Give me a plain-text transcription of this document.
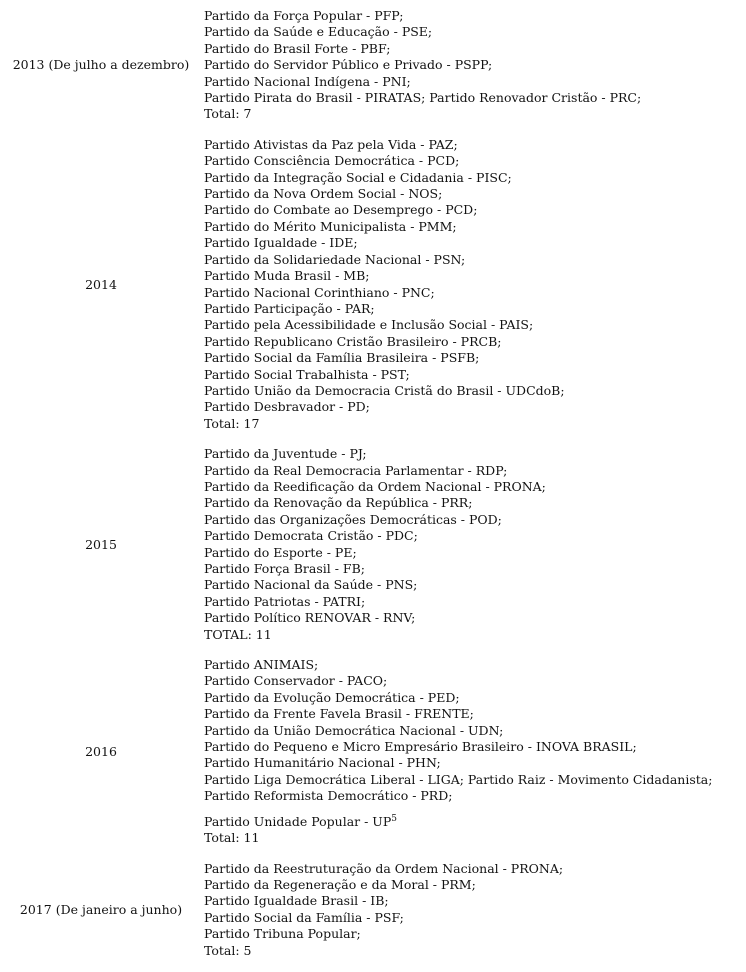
2013 (De julho a dezembro)
Partido da Força Popular - PFP;
Partido da Saúde e Educação - PSE;
Partido do Brasil Forte - PBF;
Partido do Servidor Público e Privado - PSPP;
Partido Nacional Indígena - PNI;
Partido Pirata do Brasil - PIRATAS; Partido Renovador Cristão - PRC;
Total: 7
2014
Partido Ativistas da Paz pela Vida - PAZ;
Partido Consciência Democrática - PCD;
Partido da Integração Social e Cidadania - PISC;
Partido da Nova Ordem Social - NOS;
Partido do Combate ao Desemprego - PCD;
Partido do Mérito Municipalista - PMM;
Partido Igualdade - IDE;
Partido da Solidariedade Nacional - PSN;
Partido Muda Brasil - MB;
Partido Nacional Corinthiano - PNC;
Partido Participação - PAR;
Partido pela Acessibilidade e Inclusão Social - PAIS;
Partido Republicano Cristão Brasileiro - PRCB;
Partido Social da Família Brasileira - PSFB;
Partido Social Trabalhista - PST;
Partido União da Democracia Cristã do Brasil - UDCdoB;
Partido Desbravador - PD;
Total: 17
2015
Partido da Juventude - PJ;
Partido da Real Democracia Parlamentar - RDP;
Partido da Reedificação da Ordem Nacional - PRONA;
Partido da Renovação da República - PRR;
Partido das Organizações Democráticas - POD;
Partido Democrata Cristão - PDC;
Partido do Esporte - PE;
Partido Força Brasil - FB;
Partido Nacional da Saúde - PNS;
Partido Patriotas - PATRI;
Partido Político RENOVAR - RNV;
TOTAL: 11
2016
Partido ANIMAIS;
Partido Conservador - PACO;
Partido da Evolução Democrática - PED;
Partido da Frente Favela Brasil - FRENTE;
Partido da União Democrática Nacional - UDN;
Partido do Pequeno e Micro Empresário Brasileiro - INOVA BRASIL;
Partido Humanitário Nacional - PHN;
Partido Liga Democrática Liberal - LIGA; Partido Raiz - Movimento Cidadanista;
Partido Reformista Democrático - PRD;
Partido Unidade Popular - $UP^5$
Total: 11
2017 (De janeiro a junho)
Partido da Reestruturação da Ordem Nacional - PRONA;
Partido da Regeneração e da Moral - PRM;
Partido Igualdade Brasil - IB;
Partido Social da Família - PSF;
Partido Tribuna Popular;
Total: 5
